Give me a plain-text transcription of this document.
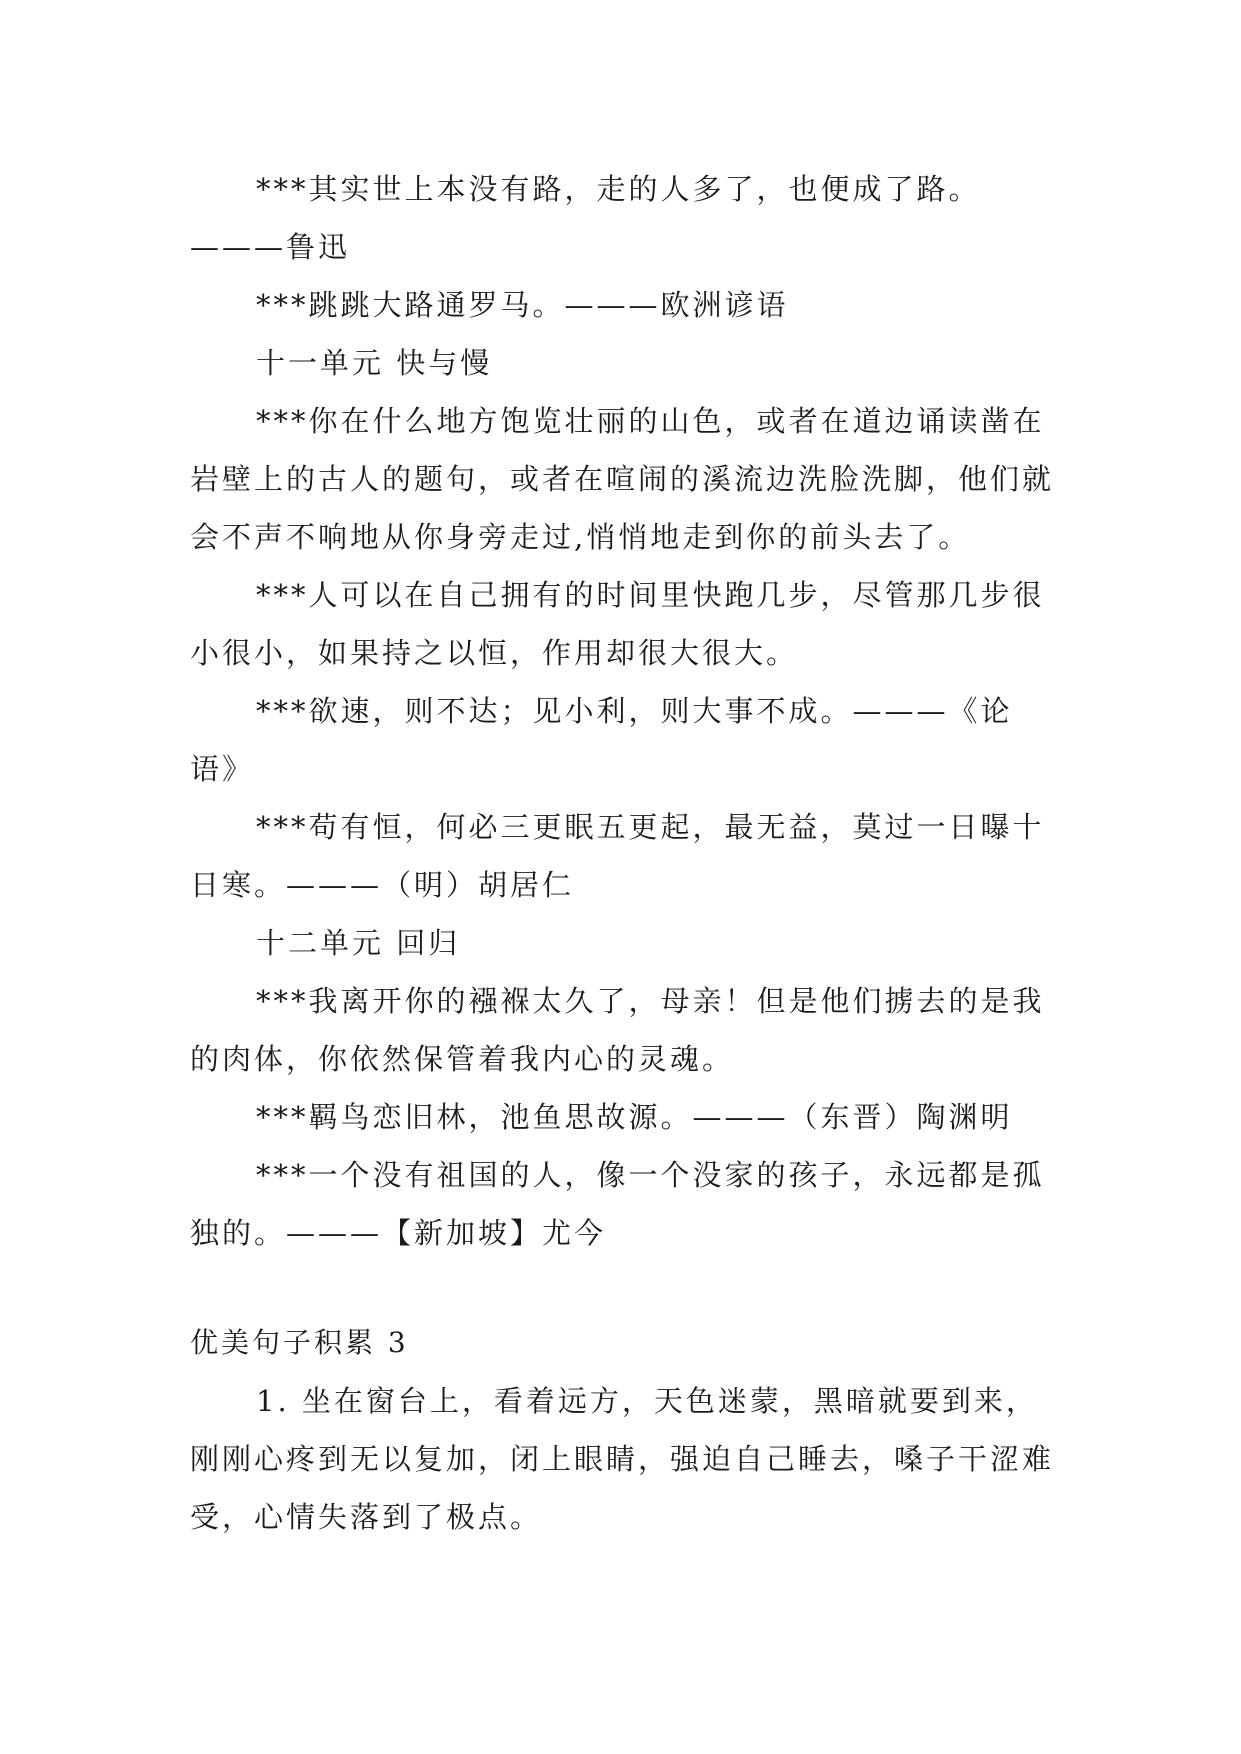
***其实世上本没有路，走的人多了，也便成了路。———鲁迅

***跳跳大路通罗马。———欧洲谚语

十一单元 快与慢

***你在什么地方饱览壮丽的山色，或者在道边诵读凿在岩壁上的古人的题句，或者在喧闹的溪流边洗脸洗脚，他们就会不声不响地从你身旁走过,悄悄地走到你的前头去了。

***人可以在自己拥有的时间里快跑几步，尽管那几步很小很小，如果持之以恒，作用却很大很大。

***欲速，则不达；见小利，则大事不成。———《论语》

***苟有恒，何必三更眠五更起，最无益，莫过一日曝十日寒。———（明）胡居仁

十二单元 回归

***我离开你的襁褓太久了，母亲！但是他们掳去的是我的肉体，你依然保管着我内心的灵魂。

***羁鸟恋旧林，池鱼思故源。———（东晋）陶渊明

***一个没有祖国的人，像一个没家的孩子，永远都是孤独的。———【新加坡】尤今

优美句子积累 3

1. 坐在窗台上，看着远方，天色迷蒙，黑暗就要到来，刚刚心疼到无以复加，闭上眼睛，强迫自己睡去，嗓子干涩难受，心情失落到了极点。
